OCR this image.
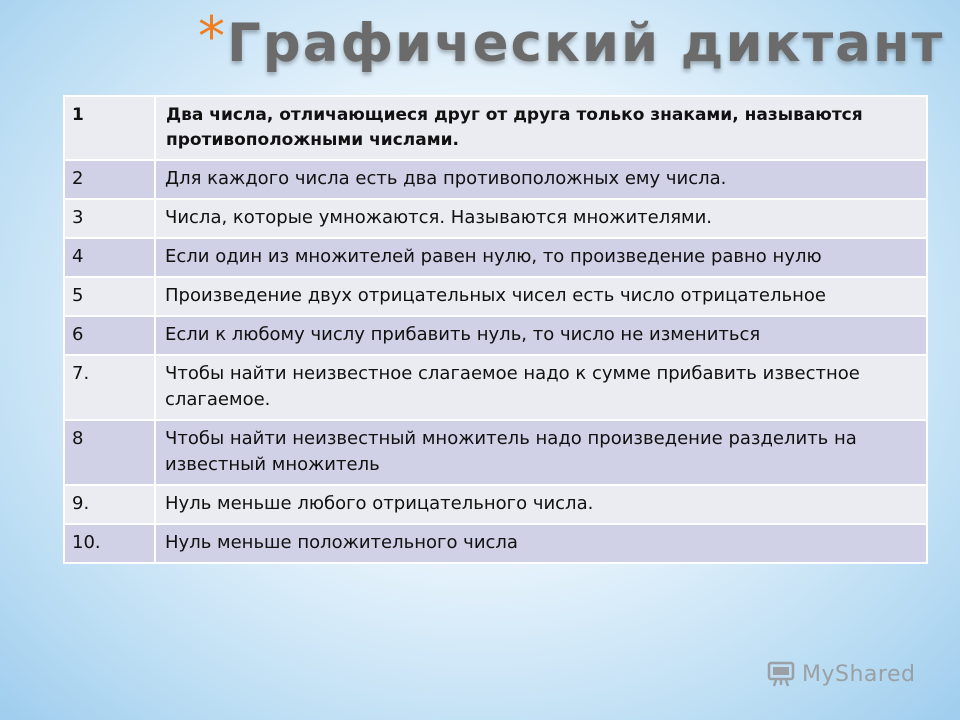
* Графический диктант
1	Два числа, отличающиеся друг от друга только знаками, называются противоположными числами.
2	Для каждого числа есть два противоположных ему числа.
3	Числа, которые умножаются. Называются множителями.
4	Если один из множителей равен нулю, то произведение равно нулю
5	Произведение двух отрицательных чисел есть число отрицательное
6	Если к любому числу прибавить нуль, то число не измениться
7.	Чтобы найти неизвестное слагаемое надо к сумме прибавить известное слагаемое.
8	Чтобы найти неизвестный множитель надо произведение разделить на известный множитель
9.	Нуль меньше любого отрицательного числа.
10.	Нуль меньше положительного числа
MyShared
